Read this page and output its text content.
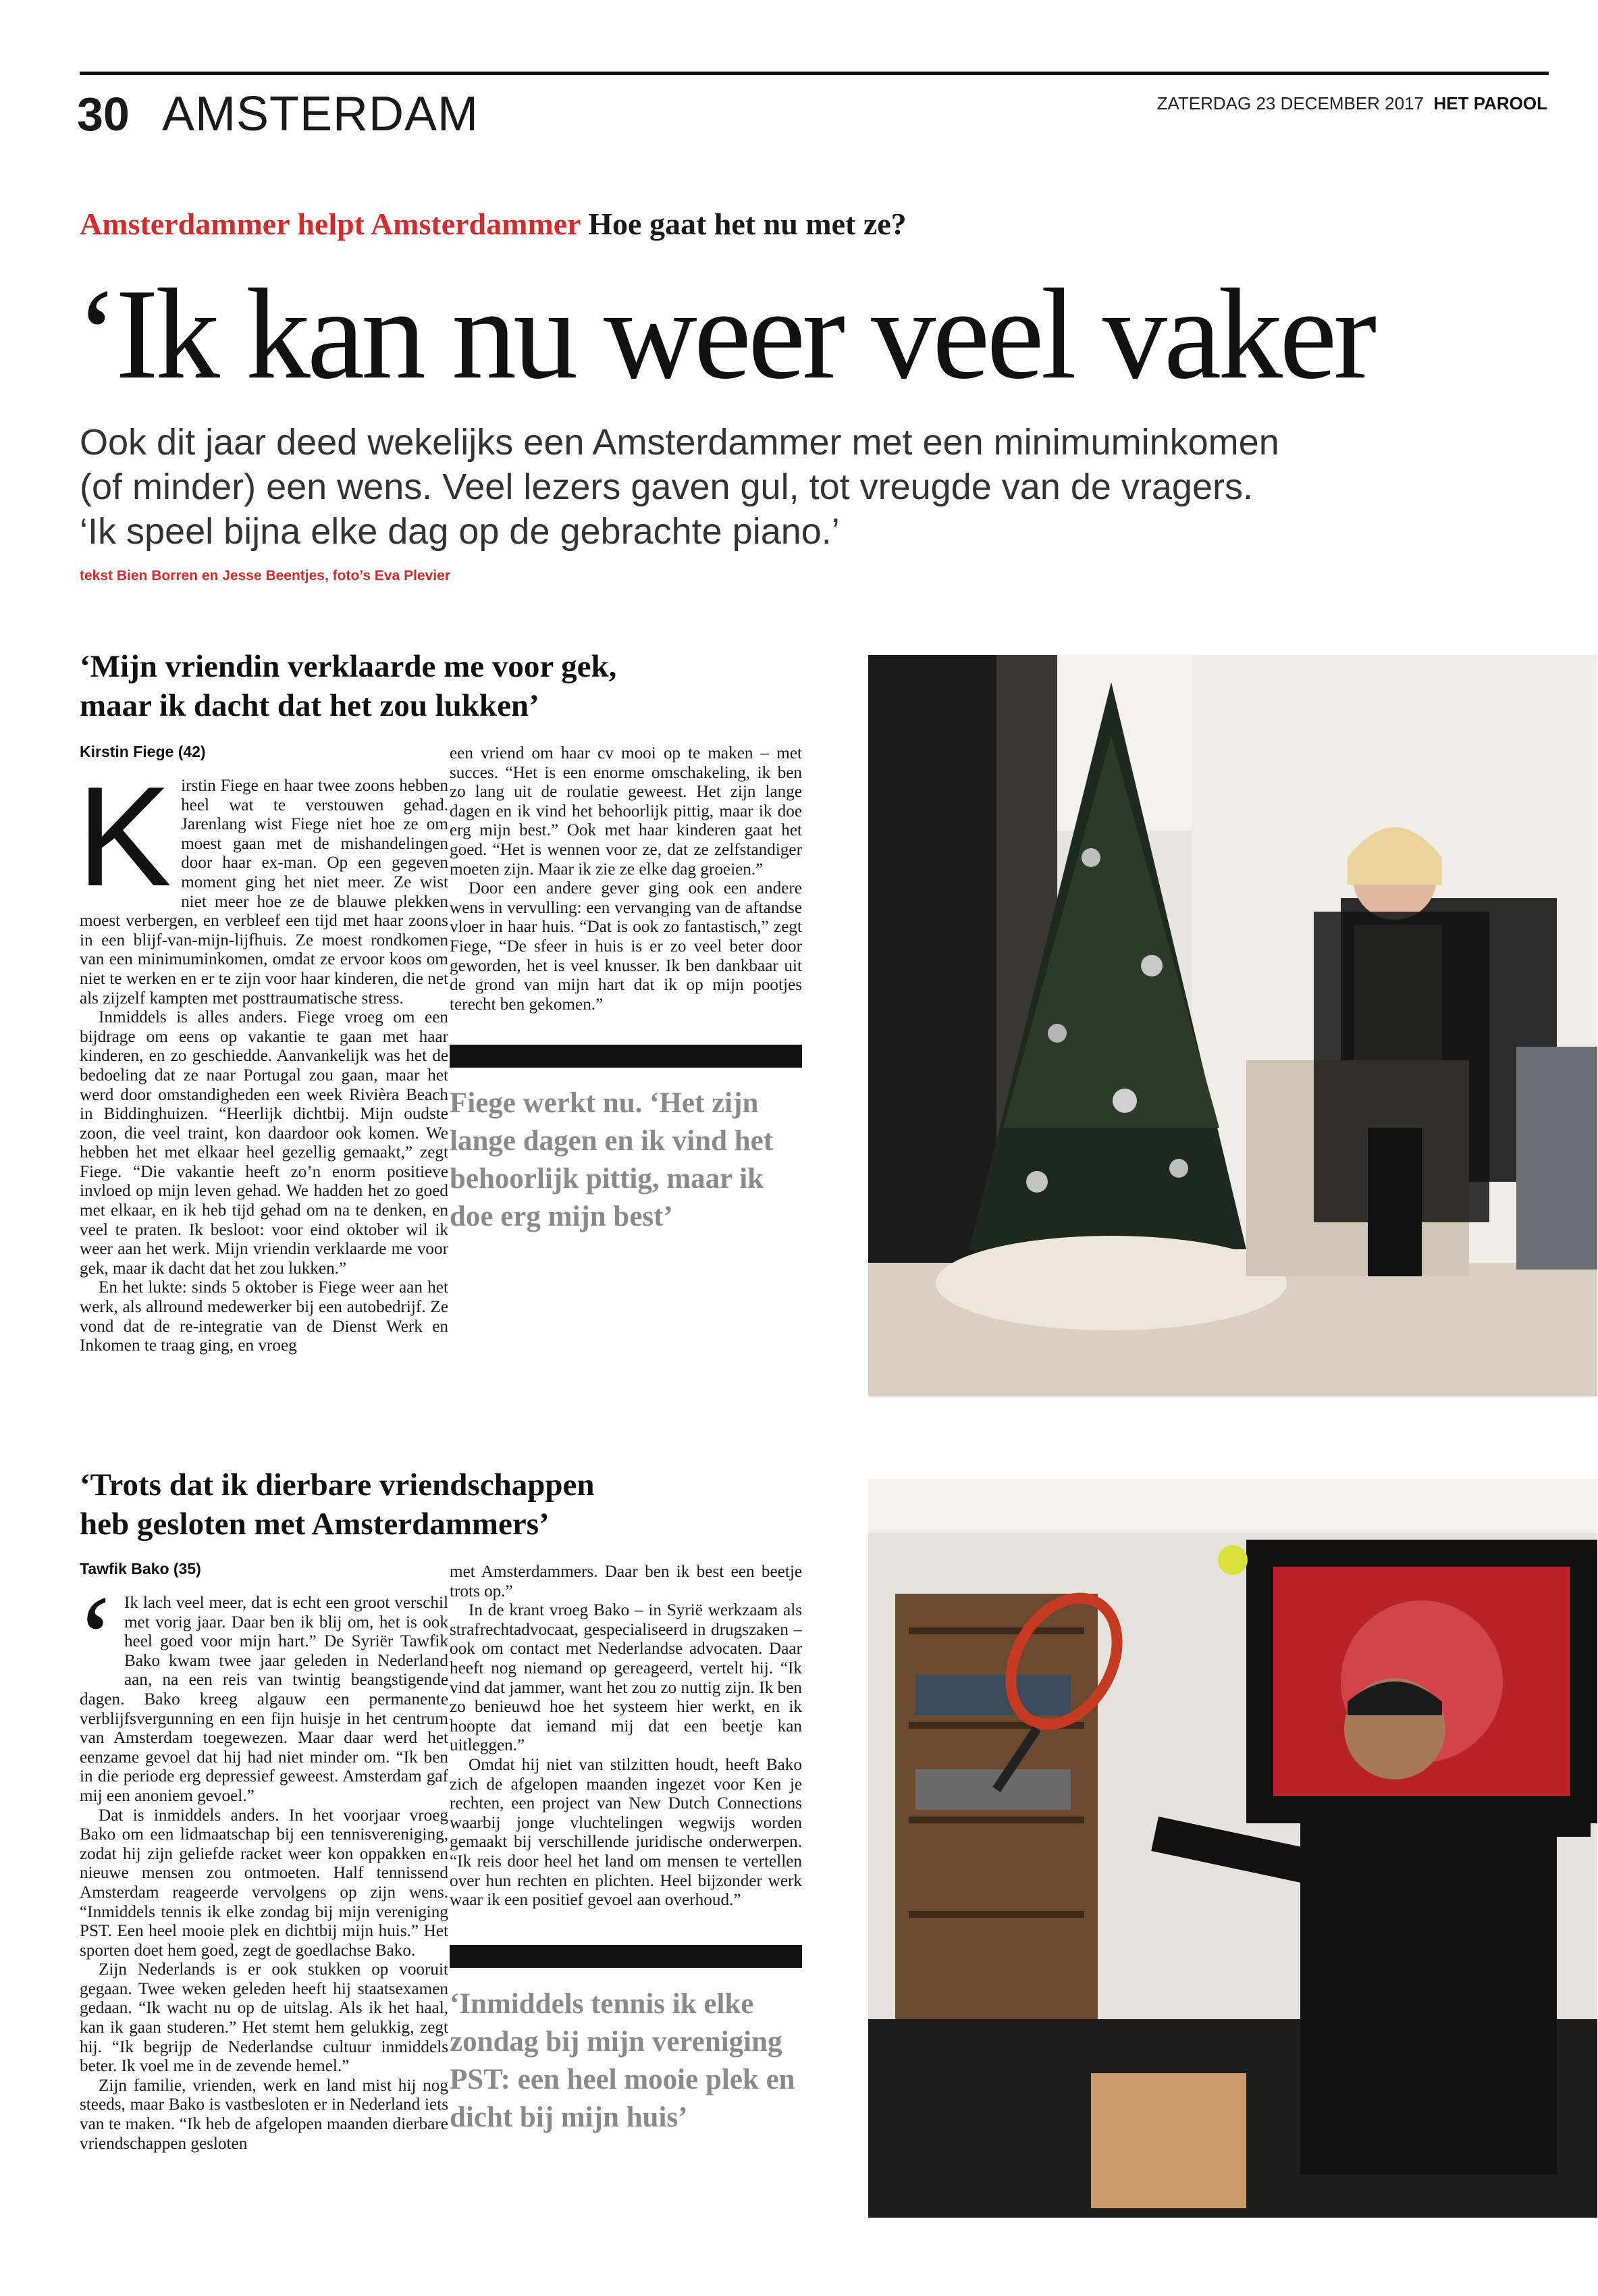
30 AMSTERDAM	ZATERDAG 23 DECEMBER 2017 HET PAROOL
Amsterdammer helpt Amsterdammer Hoe gaat het nu met ze?
‘Ik kan nu weer veel vaker
Ook dit jaar deed wekelijks een Amsterdammer met een minimuminkomen (of minder) een wens. Veel lezers gaven gul, tot vreugde van de vragers. ‘Ik speel bijna elke dag op de gebrachte piano.’
tekst Bien Borren en Jesse Beentjes, foto’s Eva Plevier
‘Mijn vriendin verklaarde me voor gek,
maar ik dacht dat het zou lukken’
Kirstin Fiege (42)
K irstin Fiege en haar twee zoons hebben heel wat te verstouwen gehad. Jarenlang wist Fiege niet hoe ze om moest gaan met de mishandelingen door haar ex-man. Op een gegeven moment ging het niet meer. Ze wist niet meer hoe ze de blauwe plekken moest verbergen, en verbleef een tijd met haar zoons in een blijf-van-mijn-lijfhuis. Ze moest rondkomen van een minimuminkomen, omdat ze ervoor koos om niet te werken en er te zijn voor haar kinderen, die net als zijzelf kampten met posttraumatische stress.

Inmiddels is alles anders. Fiege vroeg om een bijdrage om eens op vakantie te gaan met haar kinderen, en zo geschiedde. Aanvankelijk was het de bedoeling dat ze naar Portugal zou gaan, maar het werd door omstandigheden een week Rivièra Beach in Biddinghuizen. “Heerlijk dichtbij. Mijn oudste zoon, die veel traint, kon daardoor ook komen. We hebben het met elkaar heel gezellig gemaakt,” zegt Fiege. “Die vakantie heeft zo’n enorm positieve invloed op mijn leven gehad. We hadden het zo goed met elkaar, en ik heb tijd gehad om na te denken, en veel te praten. Ik besloot: voor eind oktober wil ik weer aan het werk. Mijn vriendin verklaarde me voor gek, maar ik dacht dat het zou lukken.”

En het lukte: sinds 5 oktober is Fiege weer aan het werk, als allround medewerker bij een autobedrijf. Ze vond dat de re-integratie van de Dienst Werk en Inkomen te traag ging, en vroeg

een vriend om haar cv mooi op te maken – met succes. “Het is een enorme omschakeling, ik ben zo lang uit de roulatie geweest. Het zijn lange dagen en ik vind het behoorlijk pittig, maar ik doe erg mijn best.” Ook met haar kinderen gaat het goed. “Het is wennen voor ze, dat ze zelfstandiger moeten zijn. Maar ik zie ze elke dag groeien.”

Door een andere gever ging ook een andere wens in vervulling: een vervanging van de aftandse vloer in haar huis. “Dat is ook zo fantastisch,” zegt Fiege, “De sfeer in huis is er zo veel beter door geworden, het is veel knusser. Ik ben dankbaar uit de grond van mijn hart dat ik op mijn pootjes terecht ben gekomen.”

Fiege werkt nu. ‘Het zijn lange dagen en ik vind het behoorlijk pittig, maar ik doe erg mijn best’
‘Trots dat ik dierbare vriendschappen
heb gesloten met Amsterdammers’
Tawfik Bako (35)
‘ Ik lach veel meer, dat is echt een groot verschil met vorig jaar. Daar ben ik blij om, het is ook heel goed voor mijn hart.” De Syriër Tawfik Bako kwam twee jaar geleden in Nederland aan, na een reis van twintig beangstigende dagen. Bako kreeg algauw een permanente verblijfsvergunning en een fijn huisje in het centrum van Amsterdam toegewezen. Maar daar werd het eenzame gevoel dat hij had niet minder om. “Ik ben in die periode erg depressief geweest. Amsterdam gaf mij een anoniem gevoel.”

Dat is inmiddels anders. In het voorjaar vroeg Bako om een lidmaatschap bij een tennisvereniging, zodat hij zijn geliefde racket weer kon oppakken en nieuwe mensen zou ontmoeten. Half tennissend Amsterdam reageerde vervolgens op zijn wens. “Inmiddels tennis ik elke zondag bij mijn vereniging PST. Een heel mooie plek en dichtbij mijn huis.” Het sporten doet hem goed, zegt de goedlachse Bako.

Zijn Nederlands is er ook stukken op vooruit gegaan. Twee weken geleden heeft hij staatsexamen gedaan. “Ik wacht nu op de uitslag. Als ik het haal, kan ik gaan studeren.” Het stemt hem gelukkig, zegt hij. “Ik begrijp de Nederlandse cultuur inmiddels beter. Ik voel me in de zevende hemel.”

Zijn familie, vrienden, werk en land mist hij nog steeds, maar Bako is vastbesloten er in Nederland iets van te maken. “Ik heb de afgelopen maanden dierbare vriendschappen gesloten

met Amsterdammers. Daar ben ik best een beetje trots op.”

In de krant vroeg Bako – in Syrië werkzaam als strafrechtadvocaat, gespecialiseerd in drugszaken – ook om contact met Nederlandse advocaten. Daar heeft nog niemand op gereageerd, vertelt hij. “Ik vind dat jammer, want het zou zo nuttig zijn. Ik ben zo benieuwd hoe het systeem hier werkt, en ik hoopte dat iemand mij dat een beetje kan uitleggen.”

Omdat hij niet van stilzitten houdt, heeft Bako zich de afgelopen maanden ingezet voor Ken je rechten, een project van New Dutch Connections waarbij jonge vluchtelingen wegwijs worden gemaakt bij verschillende juridische onderwerpen. “Ik reis door heel het land om mensen te vertellen over hun rechten en plichten. Heel bijzonder werk waar ik een positief gevoel aan overhoud.”

‘Inmiddels tennis ik elke zondag bij mijn vereniging PST: een heel mooie plek en dicht bij mijn huis’
